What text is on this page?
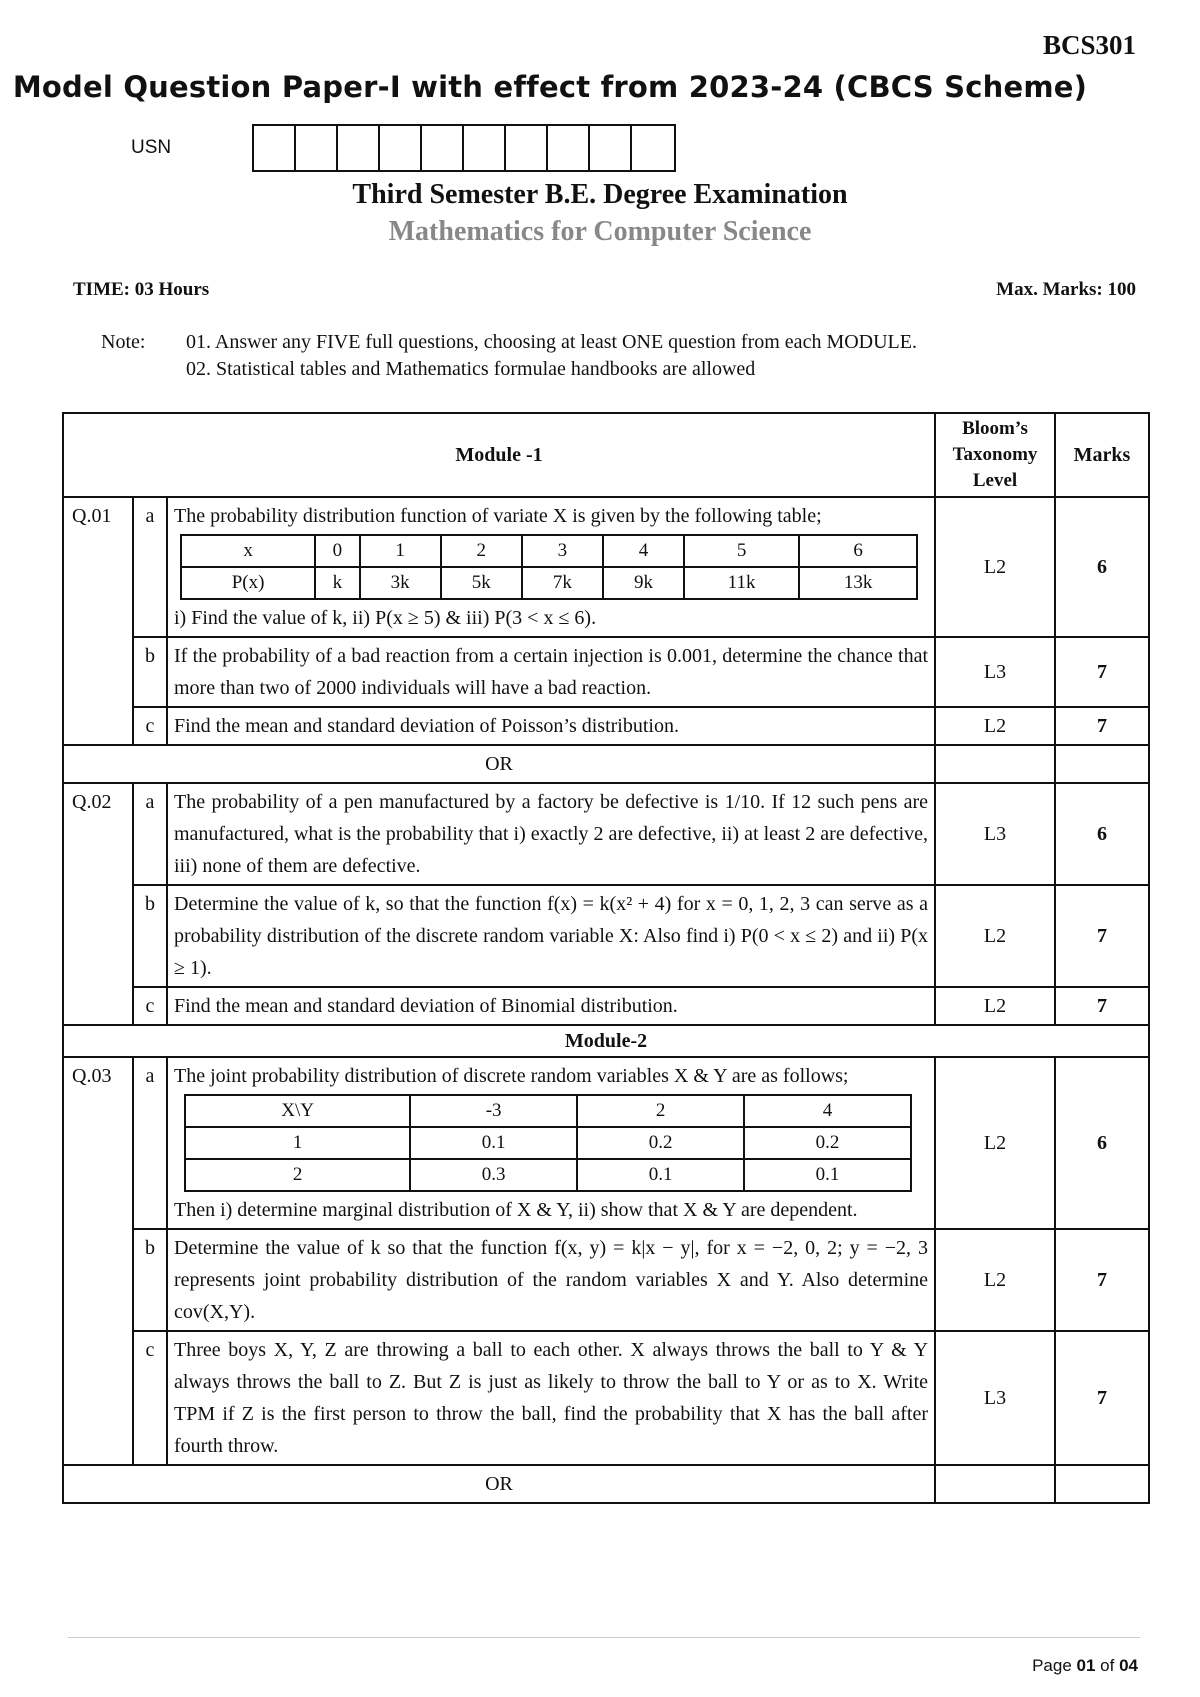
BCS301
Model Question Paper-I with effect from 2023-24 (CBCS Scheme)
USN
Third Semester B.E. Degree Examination
Mathematics for Computer Science
TIME: 03 Hours	Max. Marks: 100
Note: 01. Answer any FIVE full questions, choosing at least ONE question from each MODULE.
02. Statistical tables and Mathematics formulae handbooks are allowed
Module -1	Bloom’s Taxonomy Level	Marks
Q.01	a	The probability distribution function of variate X is given by the following table;
x	0	1	2	3	4	5	6
P(x)	k	3k	5k	7k	9k	11k	13k
i) Find the value of k, ii) P(x ≥ 5) & iii) P(3 < x ≤ 6).
	L2	6
b	If the probability of a bad reaction from a certain injection is 0.001, determine the chance that more than two of 2000 individuals will have a bad reaction.	L3	7
c	Find the mean and standard deviation of Poisson’s distribution.	L2	7
OR		
Q.02	a	The probability of a pen manufactured by a factory be defective is 1/10. If 12 such pens are manufactured, what is the probability that i) exactly 2 are defective, ii) at least 2 are defective, iii) none of them are defective.	L3	6
b	Determine the value of k, so that the function f(x) = k(x² + 4) for x = 0, 1, 2, 3 can serve as a probability distribution of the discrete random variable X: Also find i) P(0 < x ≤ 2) and ii) P(x ≥ 1).	L2	7
c	Find the mean and standard deviation of Binomial distribution.	L2	7
Module-2
Q.03	a	The joint probability distribution of discrete random variables X & Y are as follows;
X\Y	-3	2	4
1	0.1	0.2	0.2
2	0.3	0.1	0.1
Then i) determine marginal distribution of X & Y, ii) show that X & Y are dependent.
	L2	6
b	Determine the value of k so that the function f(x, y) = k|x − y|, for x = −2, 0, 2; y = −2, 3 represents joint probability distribution of the random variables X and Y. Also determine cov(X,Y).	L2	7
c	Three boys X, Y, Z are throwing a ball to each other. X always throws the ball to Y & Y always throws the ball to Z. But Z is just as likely to throw the ball to Y or as to X. Write TPM if Z is the first person to throw the ball, find the probability that X has the ball after fourth throw.	L3	7
OR		
Page 01 of 04
